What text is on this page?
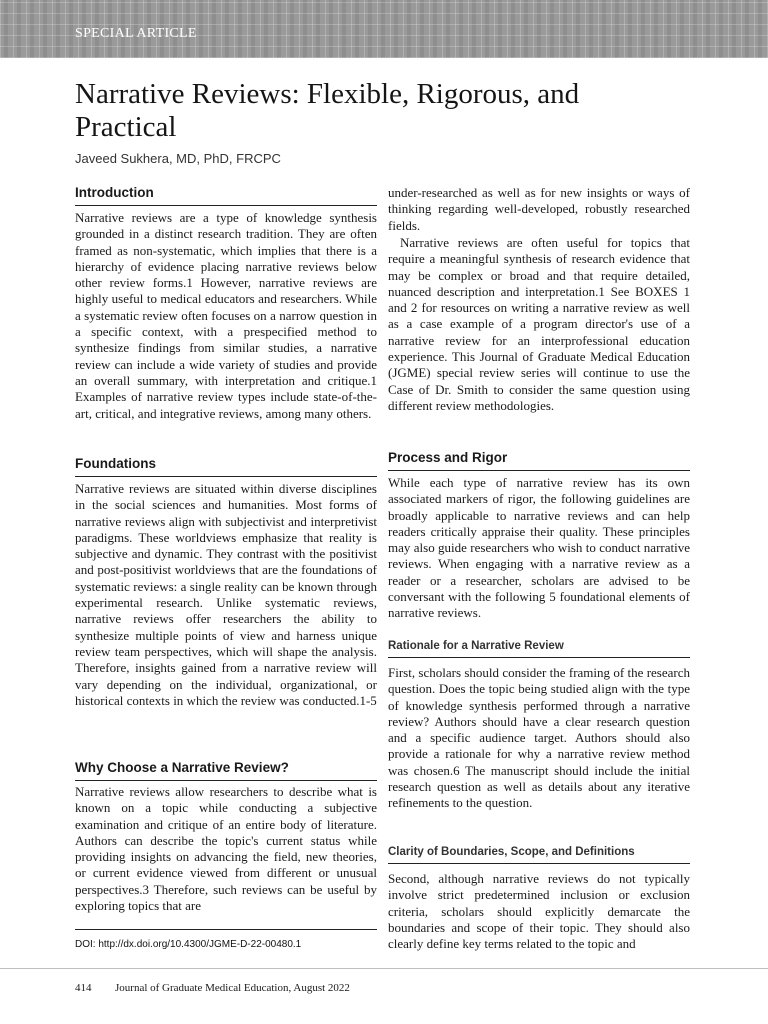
SPECIAL ARTICLE
Narrative Reviews: Flexible, Rigorous, and Practical
Javeed Sukhera, MD, PhD, FRCPC
Introduction

Narrative reviews are a type of knowledge synthesis grounded in a distinct research tradition. They are often framed as non-systematic, which implies that there is a hierarchy of evidence placing narrative reviews below other review forms.1 However, narrative reviews are highly useful to medical educators and researchers. While a systematic review often focuses on a narrow question in a specific context, with a prespecified method to synthesize findings from similar studies, a narrative review can include a wide variety of studies and provide an overall summary, with interpretation and critique.1 Examples of narrative review types include state-of-the-art, critical, and integrative reviews, among many others.

Foundations

Narrative reviews are situated within diverse disciplines in the social sciences and humanities. Most forms of narrative reviews align with subjectivist and interpretivist paradigms. These worldviews emphasize that reality is subjective and dynamic. They contrast with the positivist and post-positivist worldviews that are the foundations of systematic reviews: a single reality can be known through experimental research. Unlike systematic reviews, narrative reviews offer researchers the ability to synthesize multiple points of view and harness unique review team perspectives, which will shape the analysis. Therefore, insights gained from a narrative review will vary depending on the individual, organizational, or historical contexts in which the review was conducted.1-5

Why Choose a Narrative Review?

Narrative reviews allow researchers to describe what is known on a topic while conducting a subjective examination and critique of an entire body of literature. Authors can describe the topic's current status while providing insights on advancing the field, new theories, or current evidence viewed from different or unusual perspectives.3 Therefore, such reviews can be useful by exploring topics that are

under-researched as well as for new insights or ways of thinking regarding well-developed, robustly researched fields.

Narrative reviews are often useful for topics that require a meaningful synthesis of research evidence that may be complex or broad and that require detailed, nuanced description and interpretation.1 See BOXES 1 and 2 for resources on writing a narrative review as well as a case example of a program director's use of a narrative review for an interprofessional education experience. This Journal of Graduate Medical Education (JGME) special review series will continue to use the Case of Dr. Smith to consider the same question using different review methodologies.

Process and Rigor

While each type of narrative review has its own associated markers of rigor, the following guidelines are broadly applicable to narrative reviews and can help readers critically appraise their quality. These principles may also guide researchers who wish to conduct narrative reviews. When engaging with a narrative review as a reader or a researcher, scholars are advised to be conversant with the following 5 foundational elements of narrative reviews.

Rationale for a Narrative Review

First, scholars should consider the framing of the research question. Does the topic being studied align with the type of knowledge synthesis performed through a narrative review? Authors should have a clear research question and a specific audience target. Authors should also provide a rationale for why a narrative review method was chosen.6 The manuscript should include the initial research question as well as details about any iterative refinements to the question.

Clarity of Boundaries, Scope, and Definitions

Second, although narrative reviews do not typically involve strict predetermined inclusion or exclusion criteria, scholars should explicitly demarcate the boundaries and scope of their topic. They should also clearly define key terms related to the topic and

DOI: http://dx.doi.org/10.4300/JGME-D-22-00480.1
414 Journal of Graduate Medical Education, August 2022
